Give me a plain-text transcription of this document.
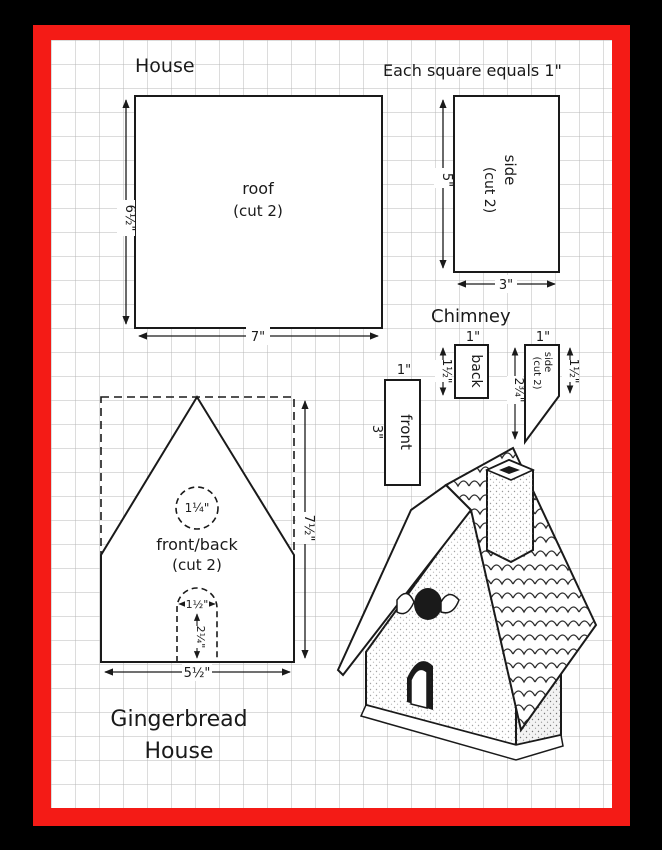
House	Each square equals 1"
roof
(cut 2)
6½"
7"
side
(cut 2)
5"
3"
Chimney
1"
back
1½"
1"
side
(cut 2)
2¾"
1½"
1"
front
3"
1¼"
front/back
(cut 2)
1½"
2¼"
5½"
7½"
Gingerbread
House
